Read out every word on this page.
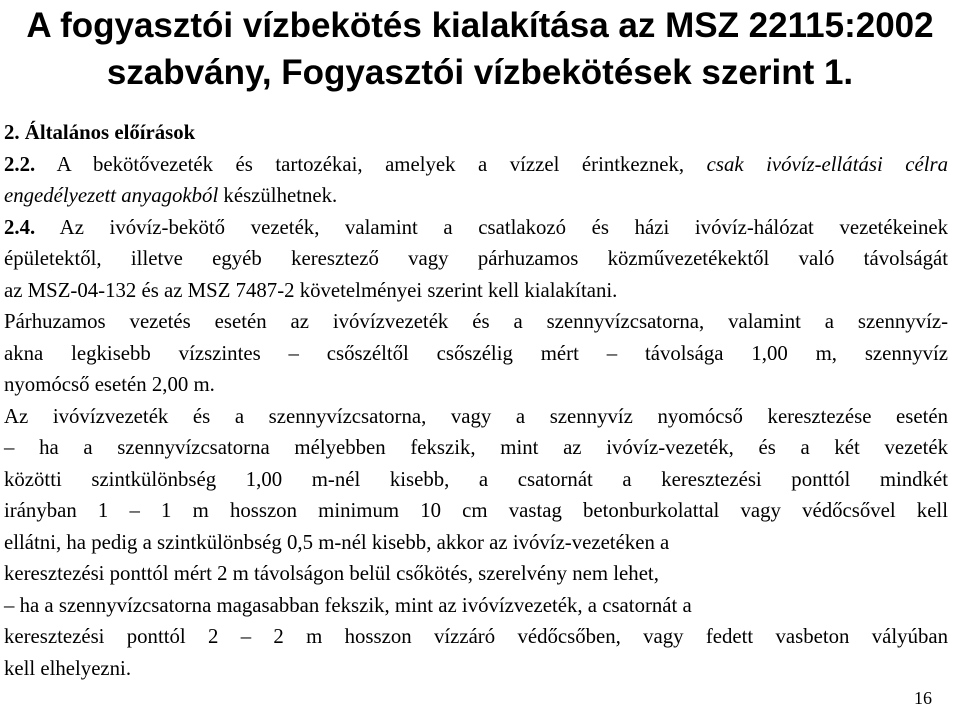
A fogyasztói vízbekötés kialakítása az MSZ 22115:2002
szabvány, Fogyasztói vízbekötések szerint 1.
2. Általános előírások
2.2. A bekötővezeték és tartozékai, amelyek a vízzel érintkeznek, csak ivóvíz-ellátási célra
engedélyezett anyagokból készülhetnek.
2.4. Az ivóvíz-bekötő vezeték, valamint a csatlakozó és házi ivóvíz-hálózat vezetékeinek
épületektől, illetve egyéb keresztező vagy párhuzamos közművezetékektől való távolságát
az MSZ-04-132 és az MSZ 7487-2 követelményei szerint kell kialakítani.
Párhuzamos vezetés esetén az ivóvízvezeték és a szennyvízcsatorna, valamint a szennyvíz-
akna legkisebb vízszintes – csőszéltől csőszélig mért – távolsága 1,00 m, szennyvíz
nyomócső esetén 2,00 m.
Az ivóvízvezeték és a szennyvízcsatorna, vagy a szennyvíz nyomócső keresztezése esetén
– ha a szennyvízcsatorna mélyebben fekszik, mint az ivóvíz-vezeték, és a két vezeték
közötti szintkülönbség 1,00 m-nél kisebb, a csatornát a keresztezési ponttól mindkét
irányban 1 – 1 m hosszon minimum 10 cm vastag betonburkolattal vagy védőcsővel kell
ellátni, ha pedig a szintkülönbség 0,5 m-nél kisebb, akkor az ivóvíz-vezetéken a
keresztezési ponttól mért 2 m távolságon belül csőkötés, szerelvény nem lehet,
– ha a szennyvízcsatorna magasabban fekszik, mint az ivóvízvezeték, a csatornát a
keresztezési ponttól 2 – 2 m hosszon vízzáró védőcsőben, vagy fedett vasbeton vályúban
kell elhelyezni.
16
